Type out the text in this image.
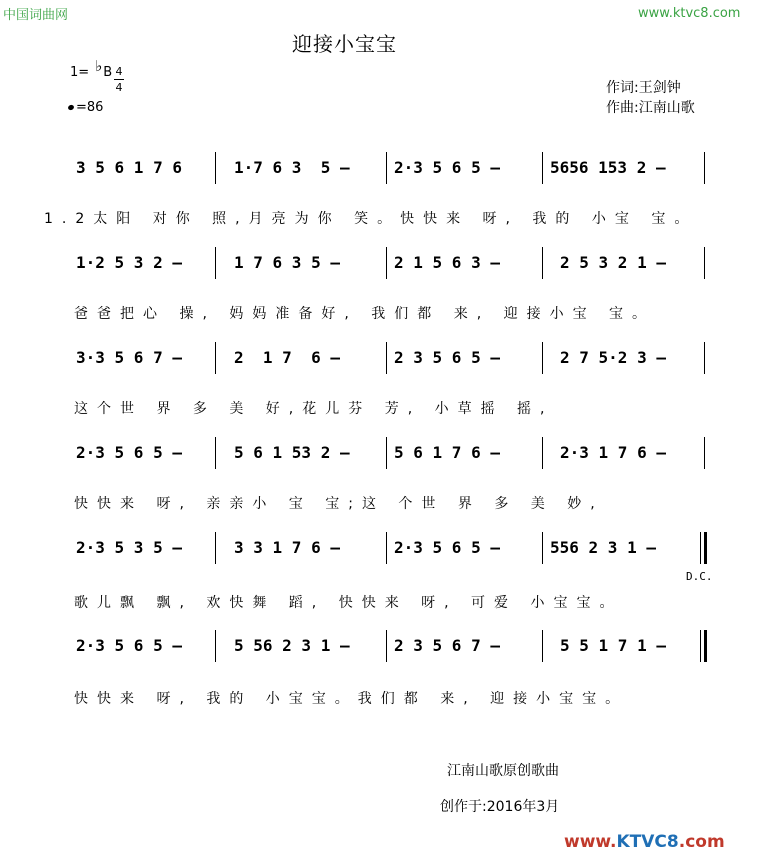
中国词曲网	www.ktvc8.com
迎接小宝宝
1= ♭B 4
4
=86
作词:王剑钟
作曲:江南山歌
3 5 6 1 7 6	1·7 6 3  5 –	2·3 5 6 5 –	5656 153 2 –
1.2太阳 对你 照,月亮为你 笑。快快来 呀, 我的 小宝 宝。
1·2 5 3 2 –	1 7 6 3 5 –	2 1 5 6 3 –	2 5 3 2 1 –
爸爸把心 操, 妈妈准备好, 我们都 来, 迎接小宝 宝。
3·3 5 6 7 –	2  1 7  6 –	2 3 5 6 5 –	2 7 5·2 3 –
这个世 界 多 美 好,花儿芬 芳, 小草摇 摇,
2·3 5 6 5 –	5 6 1 53 2 –	5 6 1 7 6 –	2·3 1 7 6 –
快快来 呀, 亲亲小 宝 宝;这 个世 界 多 美 妙,
2·3 5 3 5 –	3 3 1 7 6 –	2·3 5 6 5 –	556 2 3 1 –
D.C.
歌儿飘 飘, 欢快舞 蹈, 快快来 呀, 可爱 小宝宝。
2·3 5 6 5 –	5 56 2 3 1 –	2 3 5 6 7 –	5 5 1 7 1 –
快快来 呀, 我的 小宝宝。我们都 来, 迎接小宝宝。
江南山歌原创歌曲
创作于:2016年3月
www.KTVC8.com
